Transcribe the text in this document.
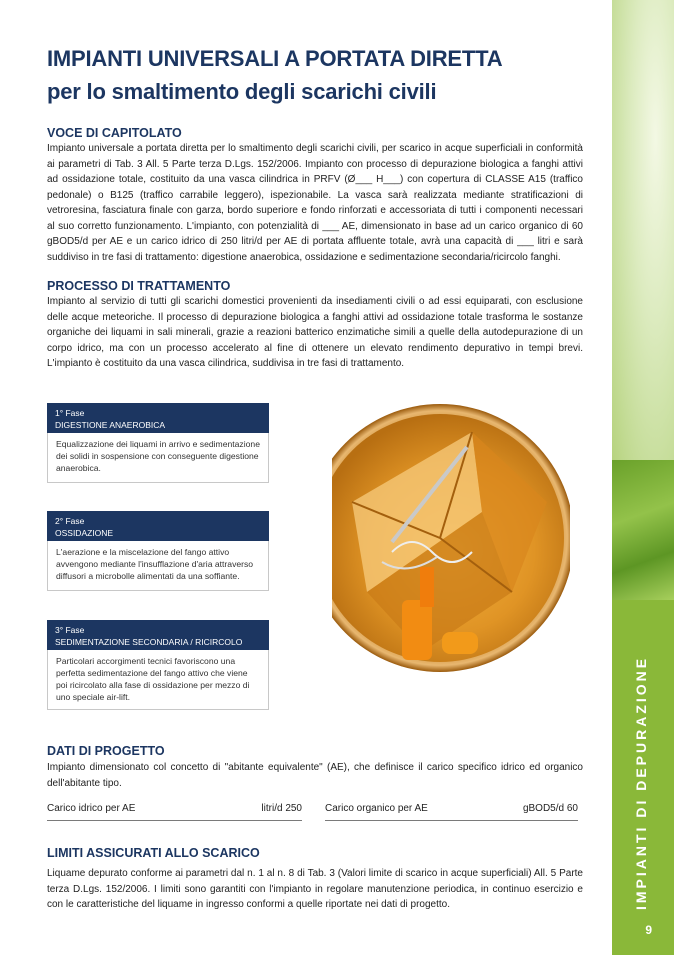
IMPIANTI DI DEPURAZIONE
9
IMPIANTI UNIVERSALI A PORTATA DIRETTA
per lo smaltimento degli scarichi civili
VOCE DI CAPITOLATO

Impianto universale a portata diretta per lo smaltimento degli scarichi civili, per scarico in acque superficiali in conformità ai parametri di Tab. 3 All. 5 Parte terza D.Lgs. 152/2006. Impianto con processo di depurazione biologica a fanghi attivi ad ossidazione totale, costituito da una vasca cilindrica in PRFV (Ø___ H___) con copertura di CLASSE A15 (traffico pedonale) o B125 (traffico carrabile leggero), ispezionabile. La vasca sarà realizzata mediante stratificazioni di vetroresina, fasciatura finale con garza, bordo superiore e fondo rinforzati e accessoriata di tutti i componenti necessari al suo corretto funzionamento. L'impianto, con potenzialità di ___ AE, dimensionato in base ad un carico organico di 60 gBOD5/d per AE e un carico idrico di 250 litri/d per AE di portata affluente totale, avrà una capacità di ___ litri e sarà suddiviso in tre fasi di trattamento: digestione anaerobica, ossidazione e sedimentazione secondaria/ricircolo fanghi.

PROCESSO DI TRATTAMENTO

Impianto al servizio di tutti gli scarichi domestici provenienti da insediamenti civili o ad essi equiparati, con esclusione delle acque meteoriche. Il processo di depurazione biologica a fanghi attivi ad ossidazione totale trasforma le sostanze organiche dei liquami in sali minerali, grazie a reazioni batterico enzimatiche simili a quelle della autodepurazione di un corpo idrico, ma con un processo accelerato al fine di ottenere un elevato rendimento depurativo in tempi brevi. L'impianto è costituito da una vasca cilindrica, suddivisa in tre fasi di trattamento.

DATI DI PROGETTO

Impianto dimensionato col concetto di "abitante equivalente" (AE), che definisce il carico specifico idrico ed organico dell'abitante tipo.

LIMITI ASSICURATI ALLO SCARICO

Liquame depurato conforme ai parametri dal n. 1 al n. 8 di Tab. 3 (Valori limite di scarico in acque superficiali) All. 5 Parte terza D.Lgs. 152/2006. I limiti sono garantiti con l'impianto in regolare manutenzione periodica, in continuo esercizio e con le caratteristiche del liquame in ingresso conformi a quelle riportate nei dati di progetto.

Carico idrico per AE	litri/d 250 Carico organico per AE	gBOD5/d 60
1° Fase
DIGESTIONE ANAEROBICA
Equalizzazione dei liquami in arrivo e sedimentazione dei solidi in sospensione con conseguente digestione anaerobica.
2° Fase
OSSIDAZIONE
L'aerazione e la miscelazione del fango attivo avvengono mediante l'insufflazione d'aria attraverso diffusori a microbolle alimentati da una soffiante.
3° Fase
SEDIMENTAZIONE SECONDARIA / RICIRCOLO
Particolari accorgimenti tecnici favoriscono una perfetta sedimentazione del fango attivo che viene poi ricircolato alla fase di ossidazione per mezzo di uno speciale air-lift.
